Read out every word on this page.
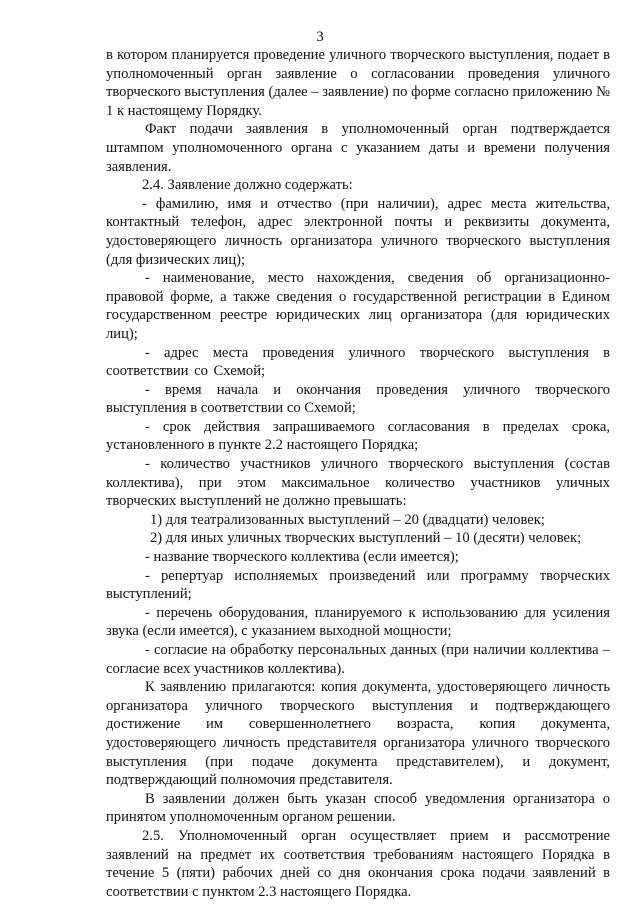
3

в котором планируется проведение уличного творческого выступления, подает в уполномоченный орган заявление о согласовании проведения уличного творческого выступления (далее – заявление) по форме согласно приложению № 1 к настоящему Порядку.

Факт подачи заявления в уполномоченный орган подтверждается штампом уполномоченного органа с указанием даты и времени получения заявления.

2.4. Заявление должно содержать:

- фамилию, имя и отчество (при наличии), адрес места жительства, контактный телефон, адрес электронной почты и реквизиты документа, удостоверяющего личность организатора уличного творческого выступления (для физических лиц);

- наименование, место нахождения, сведения об организационно-правовой форме, а также сведения о государственной регистрации в Едином государственном реестре юридических лиц организатора (для юридических лиц);

- адрес места проведения уличного творческого выступления в соответствии со Схемой;

- время начала и окончания проведения уличного творческого выступления в соответствии со Схемой;

- срок действия запрашиваемого согласования в пределах срока, установленного в пункте 2.2 настоящего Порядка;

- количество участников уличного творческого выступления (состав коллектива), при этом максимальное количество участников уличных творческих выступлений не должно превышать:

1) для театрализованных выступлений – 20 (двадцати) человек;

2) для иных уличных творческих выступлений – 10 (десяти) человек;

- название творческого коллектива (если имеется);

- репертуар исполняемых произведений или программу творческих выступлений;

- перечень оборудования, планируемого к использованию для усиления звука (если имеется), с указанием выходной мощности;

- согласие на обработку персональных данных (при наличии коллектива – согласие всех участников коллектива).

К заявлению прилагаются: копия документа, удостоверяющего личность организатора уличного творческого выступления и подтверждающего достижение им совершеннолетнего возраста, копия документа, удостоверяющего личность представителя организатора уличного творческого выступления (при подаче документа представителем), и документ, подтверждающий полномочия представителя.

В заявлении должен быть указан способ уведомления организатора о принятом уполномоченным органом решении.

2.5. Уполномоченный орган осуществляет прием и рассмотрение заявлений на предмет их соответствия требованиям настоящего Порядка в течение 5 (пяти) рабочих дней со дня окончания срока подачи заявлений в соответствии с пунктом 2.3 настоящего Порядка.
